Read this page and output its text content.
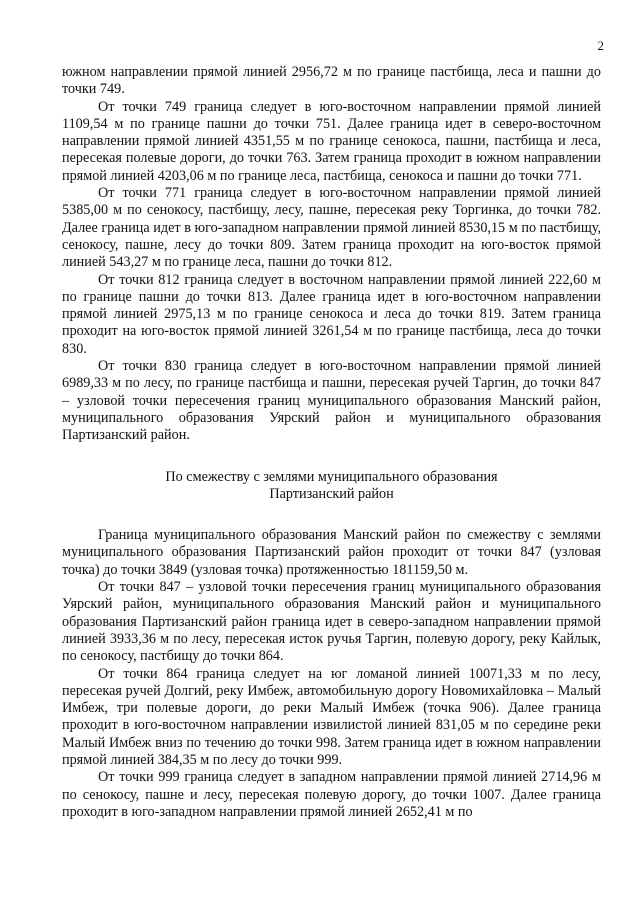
2

южном направлении прямой линией 2956,72 м по границе пастбища, леса и пашни до точки 749.

От точки 749 граница следует в юго-восточном направлении прямой линией 1109,54 м по границе пашни до точки 751. Далее граница идет в северо-восточном направлении прямой линией 4351,55 м по границе сенокоса, пашни, пастбища и леса, пересекая полевые дороги, до точки 763. Затем граница проходит в южном направлении прямой линией 4203,06 м по границе леса, пастбища, сенокоса и пашни до точки 771.

От точки 771 граница следует в юго-восточном направлении прямой линией 5385,00 м по сенокосу, пастбищу, лесу, пашне, пересекая реку Торгинка, до точки 782. Далее граница идет в юго-западном направлении прямой линией 8530,15 м по пастбищу, сенокосу, пашне, лесу до точки 809. Затем граница проходит на юго-восток прямой линией 543,27 м по границе леса, пашни до точки 812.

От точки 812 граница следует в восточном направлении прямой линией 222,60 м по границе пашни до точки 813. Далее граница идет в юго-восточном направлении прямой линией 2975,13 м по границе сенокоса и леса до точки 819. Затем граница проходит на юго-восток прямой линией 3261,54 м по границе пастбища, леса до точки 830.

От точки 830 граница следует в юго-восточном направлении прямой линией 6989,33 м по лесу, по границе пастбища и пашни, пересекая ручей Таргин, до точки 847 – узловой точки пересечения границ муниципального образования Манский район, муниципального образования Уярский район и муниципального образования Партизанский район.

По смежеству с землями муниципального образования
Партизанский район

Граница муниципального образования Манский район по смежеству с землями муниципального образования Партизанский район проходит от точки 847 (узловая точка) до точки 3849 (узловая точка) протяженностью 181159,50 м.

От точки 847 – узловой точки пересечения границ муниципального образования Уярский район, муниципального образования Манский район и муниципального образования Партизанский район граница идет в северо-западном направлении прямой линией 3933,36 м по лесу, пересекая исток ручья Таргин, полевую дорогу, реку Кайлык, по сенокосу, пастбищу до точки 864.

От точки 864 граница следует на юг ломаной линией 10071,33 м по лесу, пересекая ручей Долгий, реку Имбеж, автомобильную дорогу Новомихайловка – Малый Имбеж, три полевые дороги, до реки Малый Имбеж (точка 906). Далее граница проходит в юго-восточном направлении извилистой линией 831,05 м по середине реки Малый Имбеж вниз по течению до точки 998. Затем граница идет в южном направлении прямой линией 384,35 м по лесу до точки 999.

От точки 999 граница следует в западном направлении прямой линией 2714,96 м по сенокосу, пашне и лесу, пересекая полевую дорогу, до точки 1007. Далее граница проходит в юго-западном направлении прямой линией 2652,41 м по
